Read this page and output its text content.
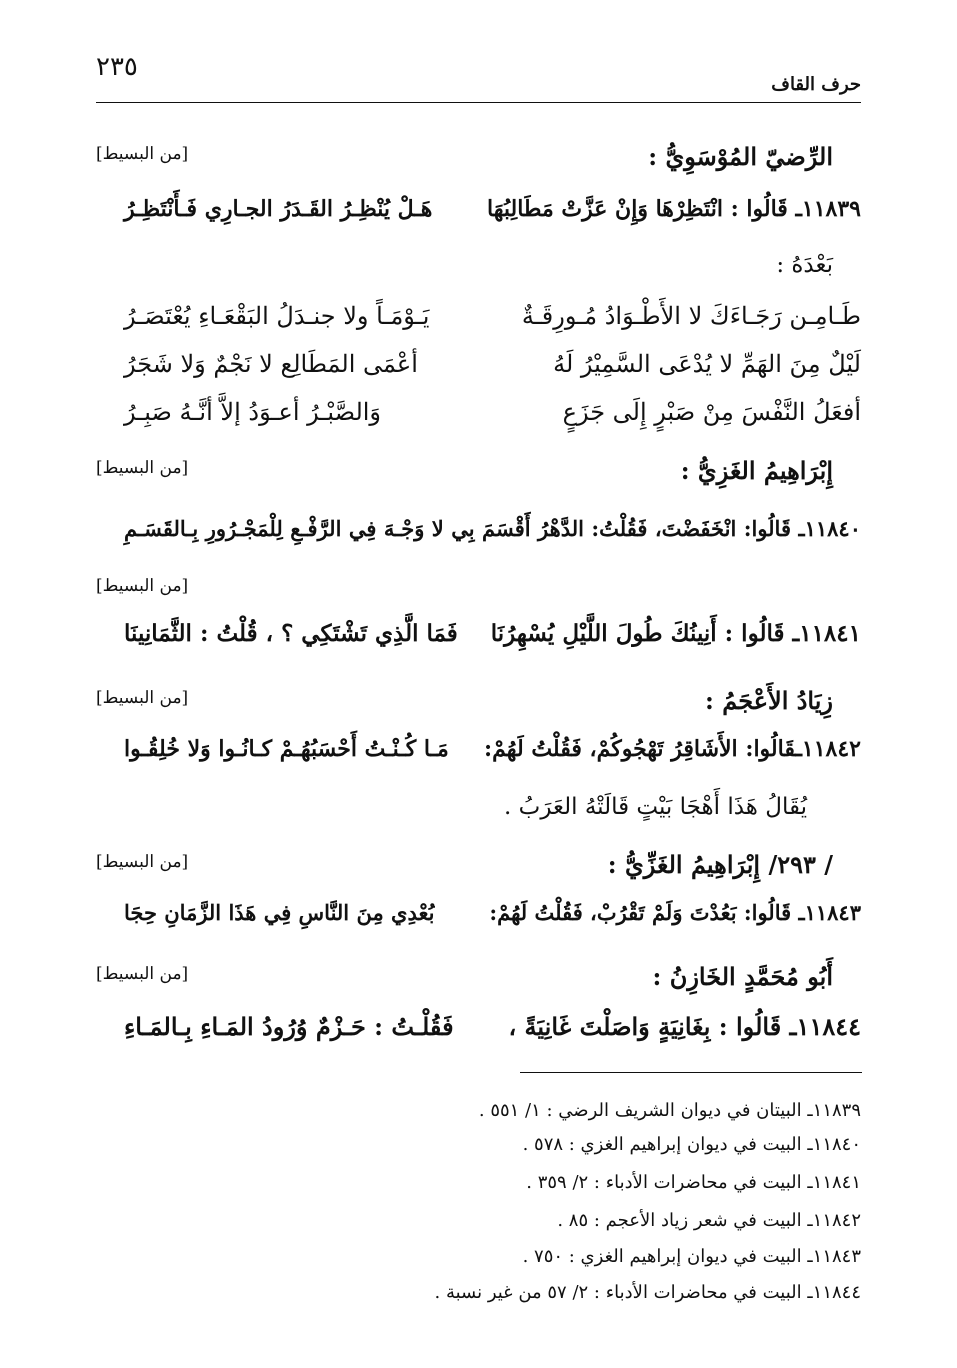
٢٣٥
حرف القاف
الرِّضيّ المُوْسَوِيُّ :
[من البسيط]
١١٨٣٩ـ قَالُوا : انْتَظِرْهَا وَإِنْ عَزَّتْ مَطَالِبُهَا
هَـلْ يُنْظِـرُ القَـدَرُ الجـارِي فَـأَنْتَظِـرُ
بَعْدَهُ :
طَـامِـن رَجَـاءَكَ لا الأَطْـوَادُ مُـورِقَـةٌ
يَـوْمَـاً ولا جنـدَلُ البَقْعَـاءِ يُعْتَصَـرُ
لَيْلٌ مِنَ الهَمِّ لا يُدْعَى السَّمِيْرُ لَهُ
أعْمَى المَطَالِع لا نَجْمٌ وَلا شَجَرُ
أفعَلُ النَّفْسَ مِنْ صَبْرٍ إِلَى جَزَعٍ
وَالصَّبْـرُ أعـوَدُ إلاَّ أنَّـهُ صَبِـرُ
إِبْرَاهِيمُ الغَزِيُّ :
[من البسيط]
١١٨٤٠ـ قَالُوا: انْخَفَضْتَ، فَقُلْتُ: الدَّهْرُ أَقْسَمَ بِي لا وَجْـهَ فِي الرَّفْـعِ لِلْمَجْـرُورِ بِـالقَسَـمِ
[من البسيط]
١١٨٤١ـ قَالُوا : أَنِينُكَ طُولَ اللَّيْلِ يُسْهِرُنَا
فَمَا الَّذِي تَشْتَكِي ؟ ، قُلْتُ : الثَّمَانِينَا
زِيَادُ الأَعْجَمُ :
[من البسيط]
١١٨٤٢ـقَالُوا: الأَشَاقِرُ تَهْجُوكُمْ، فَقُلْتُ لَهُمْ:
مَـا كُـنْـتُ أَحْسَبُهُـمْ كـانُـوا وَلا خُلِقُـوا
يُقَالُ هَذَا أَهْجَا بَيْتٍ قَالَتْهُ العَرَبُ .
/ ٢٩٣/ إِبْرَاهِيمُ الغَزِّيُّ :
[من البسيط]
١١٨٤٣ـ قَالُوا: بَعُدْتَ وَلَمْ تَقْرُبْ، فَقُلْتُ لَهُمْ:
بُعْدِي مِنَ النَّاسِ فِي هَذَا الزَّمَانِ حِجَا
أَبُو مُحَمَّدٍ الخَازِنُ :
[من البسيط]
١١٨٤٤ـ قَالُوا : بِغَانِيَةٍ وَاصَلْتَ غَانِيَةً ،
فَقُلْـتُ : حَـزْمٌ وُرُودُ المَـاءِ بِـالمَـاءِ
١١٨٣٩ـ البيتان في ديوان الشريف الرضي : ١/ ٥٥١ .
١١٨٤٠ـ البيت في ديوان إبراهيم الغزي : ٥٧٨ .
١١٨٤١ـ البيت في محاضرات الأدباء : ٢/ ٣٥٩ .
١١٨٤٢ـ البيت في شعر زياد الأعجم : ٨٥ .
١١٨٤٣ـ البيت في ديوان إبراهيم الغزي : ٧٥٠ .
١١٨٤٤ـ البيت في محاضرات الأدباء : ٢/ ٥٧ من غير نسبة .
